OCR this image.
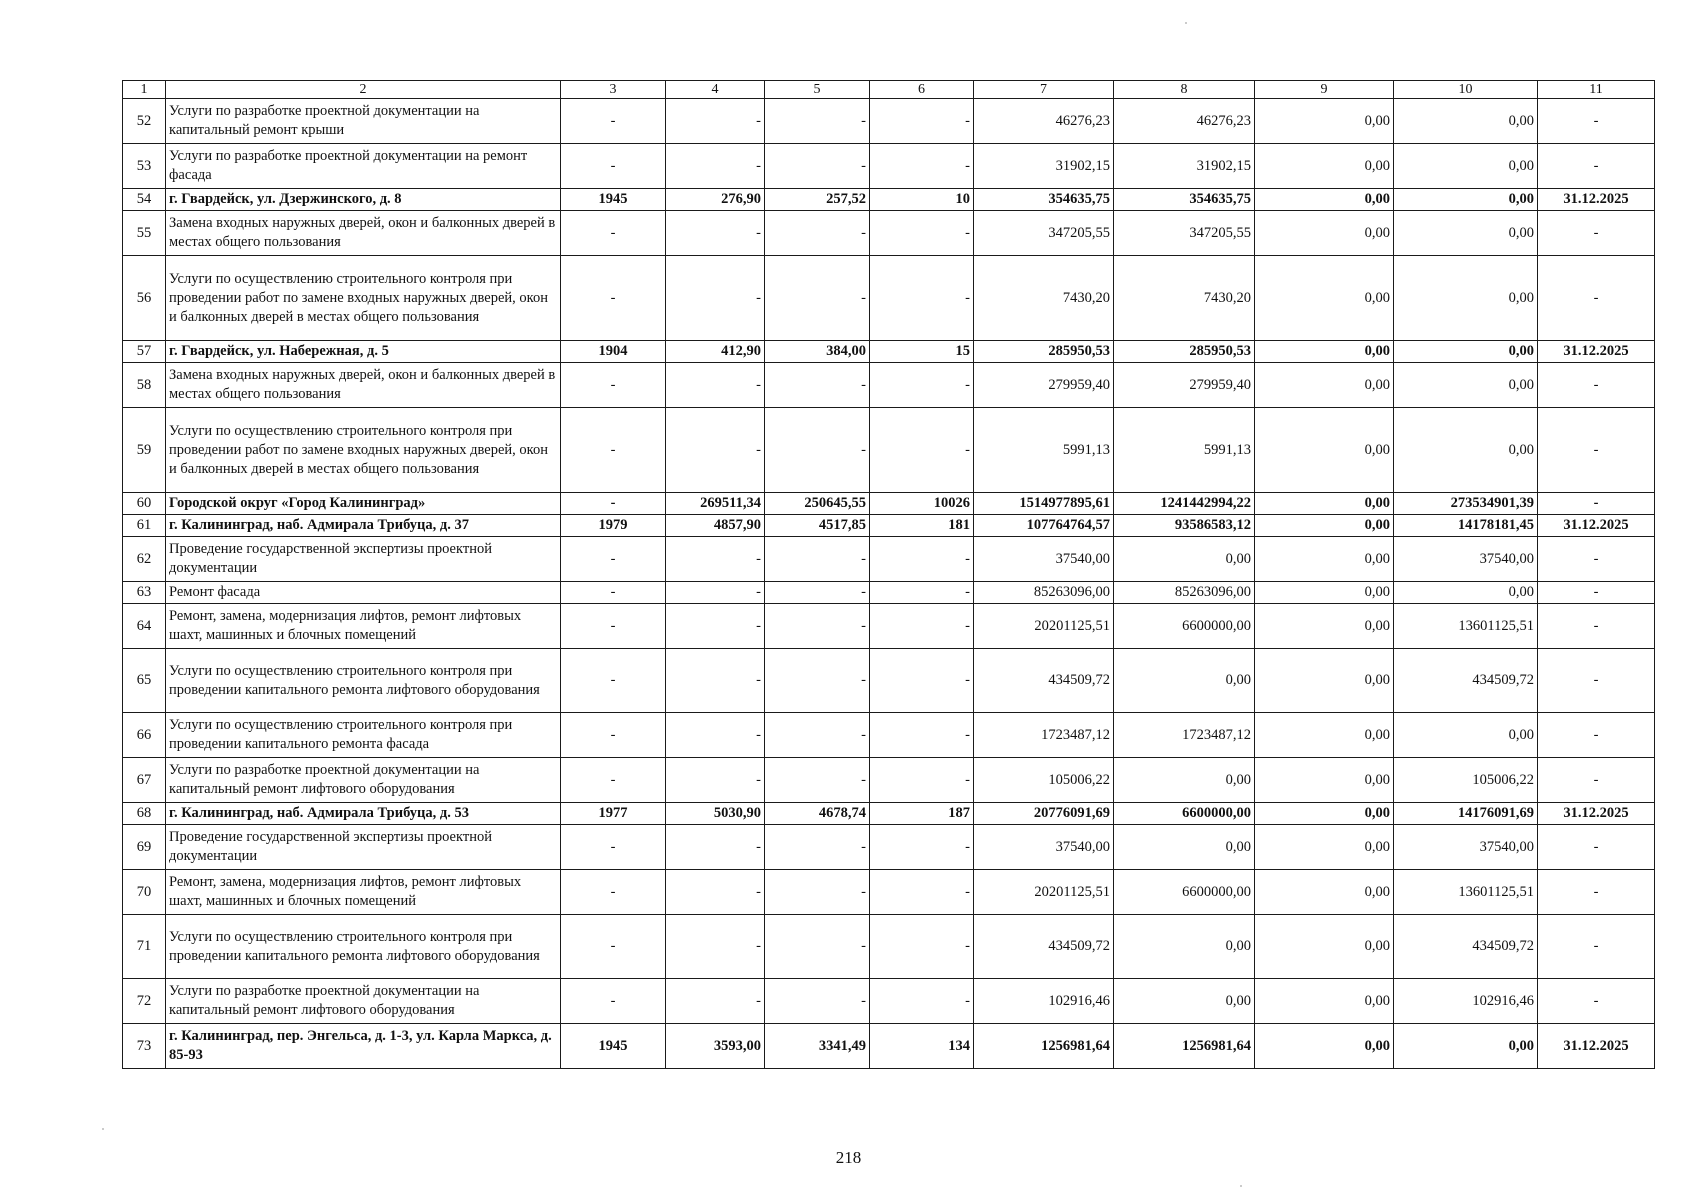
1	2	3	4	5	6	7	8	9	10	11
52	Услуги по разработке проектной документации на капитальный ремонт крыши	-	-	-	-	46276,23	46276,23	0,00	0,00	-
53	Услуги по разработке проектной документации на ремонт фасада	-	-	-	-	31902,15	31902,15	0,00	0,00	-
54	г. Гвардейск, ул. Дзержинского, д. 8	1945	276,90	257,52	10	354635,75	354635,75	0,00	0,00	31.12.2025
55	Замена входных наружных дверей, окон и балконных дверей в местах общего пользования	-	-	-	-	347205,55	347205,55	0,00	0,00	-
56	Услуги по осуществлению строительного контроля при проведении работ по замене входных наружных дверей, окон и балконных дверей в местах общего пользования	-	-	-	-	7430,20	7430,20	0,00	0,00	-
57	г. Гвардейск, ул. Набережная, д. 5	1904	412,90	384,00	15	285950,53	285950,53	0,00	0,00	31.12.2025
58	Замена входных наружных дверей, окон и балконных дверей в местах общего пользования	-	-	-	-	279959,40	279959,40	0,00	0,00	-
59	Услуги по осуществлению строительного контроля при проведении работ по замене входных наружных дверей, окон и балконных дверей в местах общего пользования	-	-	-	-	5991,13	5991,13	0,00	0,00	-
60	Городской округ «Город Калининград»	-	269511,34	250645,55	10026	1514977895,61	1241442994,22	0,00	273534901,39	-
61	г. Калининград, наб. Адмирала Трибуца, д. 37	1979	4857,90	4517,85	181	107764764,57	93586583,12	0,00	14178181,45	31.12.2025
62	Проведение государственной экспертизы проектной документации	-	-	-	-	37540,00	0,00	0,00	37540,00	-
63	Ремонт фасада	-	-	-	-	85263096,00	85263096,00	0,00	0,00	-
64	Ремонт, замена, модернизация лифтов, ремонт лифтовых шахт, машинных и блочных помещений	-	-	-	-	20201125,51	6600000,00	0,00	13601125,51	-
65	Услуги по осуществлению строительного контроля при проведении капитального ремонта лифтового оборудования	-	-	-	-	434509,72	0,00	0,00	434509,72	-
66	Услуги по осуществлению строительного контроля при проведении капитального ремонта фасада	-	-	-	-	1723487,12	1723487,12	0,00	0,00	-
67	Услуги по разработке проектной документации на капитальный ремонт лифтового оборудования	-	-	-	-	105006,22	0,00	0,00	105006,22	-
68	г. Калининград, наб. Адмирала Трибуца, д. 53	1977	5030,90	4678,74	187	20776091,69	6600000,00	0,00	14176091,69	31.12.2025
69	Проведение государственной экспертизы проектной документации	-	-	-	-	37540,00	0,00	0,00	37540,00	-
70	Ремонт, замена, модернизация лифтов, ремонт лифтовых шахт, машинных и блочных помещений	-	-	-	-	20201125,51	6600000,00	0,00	13601125,51	-
71	Услуги по осуществлению строительного контроля при проведении капитального ремонта лифтового оборудования	-	-	-	-	434509,72	0,00	0,00	434509,72	-
72	Услуги по разработке проектной документации на капитальный ремонт лифтового оборудования	-	-	-	-	102916,46	0,00	0,00	102916,46	-
73	г. Калининград, пер. Энгельса, д. 1-3, ул. Карла Маркса, д. 85-93	1945	3593,00	3341,49	134	1256981,64	1256981,64	0,00	0,00	31.12.2025
218
